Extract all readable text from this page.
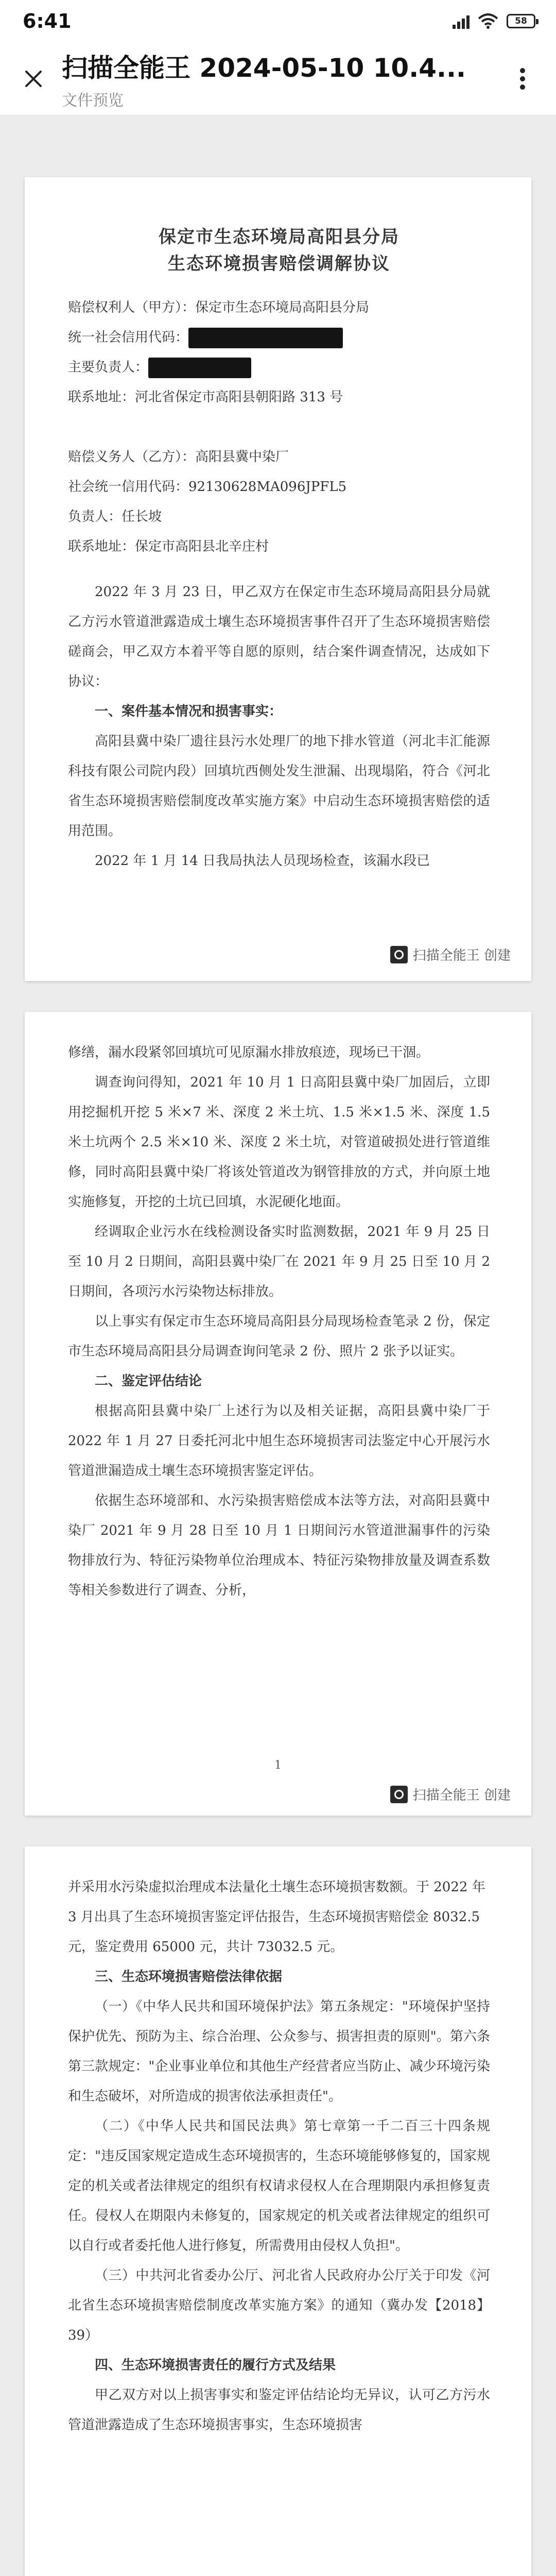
6:41	58
扫描全能王 2024-05-10 10.4...
文件预览
保定市生态环境局高阳县分局
生态环境损害赔偿调解协议
赔偿权利人（甲方）：保定市生态环境局高阳县分局
统一社会信用代码：
主要负责人：
联系地址：河北省保定市高阳县朝阳路 313 号

赔偿义务人（乙方）：高阳县冀中染厂
社会统一信用代码：92130628MA096JPFL5
负责人：任长坡
联系地址：保定市高阳县北辛庄村
2022 年 3 月 23 日，甲乙双方在保定市生态环境局高阳县分局就乙方污水管道泄露造成土壤生态环境损害事件召开了生态环境损害赔偿磋商会，甲乙双方本着平等自愿的原则，结合案件调查情况，达成如下协议：
一、案件基本情况和损害事实：
高阳县冀中染厂遗往县污水处理厂的地下排水管道（河北丰汇能源科技有限公司院内段）回填坑西侧处发生泄漏、出现塌陷，符合《河北省生态环境损害赔偿制度改革实施方案》中启动生态环境损害赔偿的适用范围。
2022 年 1 月 14 日我局执法人员现场检查，该漏水段已
扫描全能王 创建
修缮，漏水段紧邻回填坑可见原漏水排放痕迹，现场已干涸。
调查询问得知，2021 年 10 月 1 日高阳县冀中染厂加固后，立即用挖掘机开挖 5 米×7 米、深度 2 米土坑、1.5 米×1.5 米、深度 1.5 米土坑两个 2.5 米×10 米、深度 2 米土坑，对管道破损处进行管道维修，同时高阳县冀中染厂将该处管道改为钢管排放的方式，并向原土地实施修复，开挖的土坑已回填，水泥硬化地面。
经调取企业污水在线检测设备实时监测数据，2021 年 9 月 25 日至 10 月 2 日期间，高阳县冀中染厂在 2021 年 9 月 25 日至 10 月 2 日期间，各项污水污染物达标排放。
以上事实有保定市生态环境局高阳县分局现场检查笔录 2 份，保定市生态环境局高阳县分局调查询问笔录 2 份、照片 2 张予以证实。
二、鉴定评估结论
根据高阳县冀中染厂上述行为以及相关证据，高阳县冀中染厂于 2022 年 1 月 27 日委托河北中旭生态环境损害司法鉴定中心开展污水管道泄漏造成土壤生态环境损害鉴定评估。
依据生态环境部和、水污染损害赔偿成本法等方法，对高阳县冀中染厂 2021 年 9 月 28 日至 10 月 1 日期间污水管道泄漏事件的污染物排放行为、特征污染物单位治理成本、特征污染物排放量及调查系数等相关参数进行了调查、分析，
1
扫描全能王 创建
并采用水污染虚拟治理成本法量化土壤生态环境损害数额。于 2022 年 3 月出具了生态环境损害鉴定评估报告，生态环境损害赔偿金 8032.5 元，鉴定费用 65000 元，共计 73032.5 元。
三、生态环境损害赔偿法律依据
（一）《中华人民共和国环境保护法》第五条规定："环境保护坚持保护优先、预防为主、综合治理、公众参与、损害担责的原则"。第六条第三款规定："企业事业单位和其他生产经营者应当防止、减少环境污染和生态破坏，对所造成的损害依法承担责任"。
（二）《中华人民共和国民法典》第七章第一千二百三十四条规定："违反国家规定造成生态环境损害的，生态环境能够修复的，国家规定的机关或者法律规定的组织有权请求侵权人在合理期限内承担修复责任。侵权人在期限内未修复的，国家规定的机关或者法律规定的组织可以自行或者委托他人进行修复，所需费用由侵权人负担"。
（三）中共河北省委办公厅、河北省人民政府办公厅关于印发《河北省生态环境损害赔偿制度改革实施方案》的通知（冀办发【2018】39）
四、生态环境损害责任的履行方式及结果
甲乙双方对以上损害事实和鉴定评估结论均无异议，认可乙方污水管道泄露造成了生态环境损害事实，生态环境损害
